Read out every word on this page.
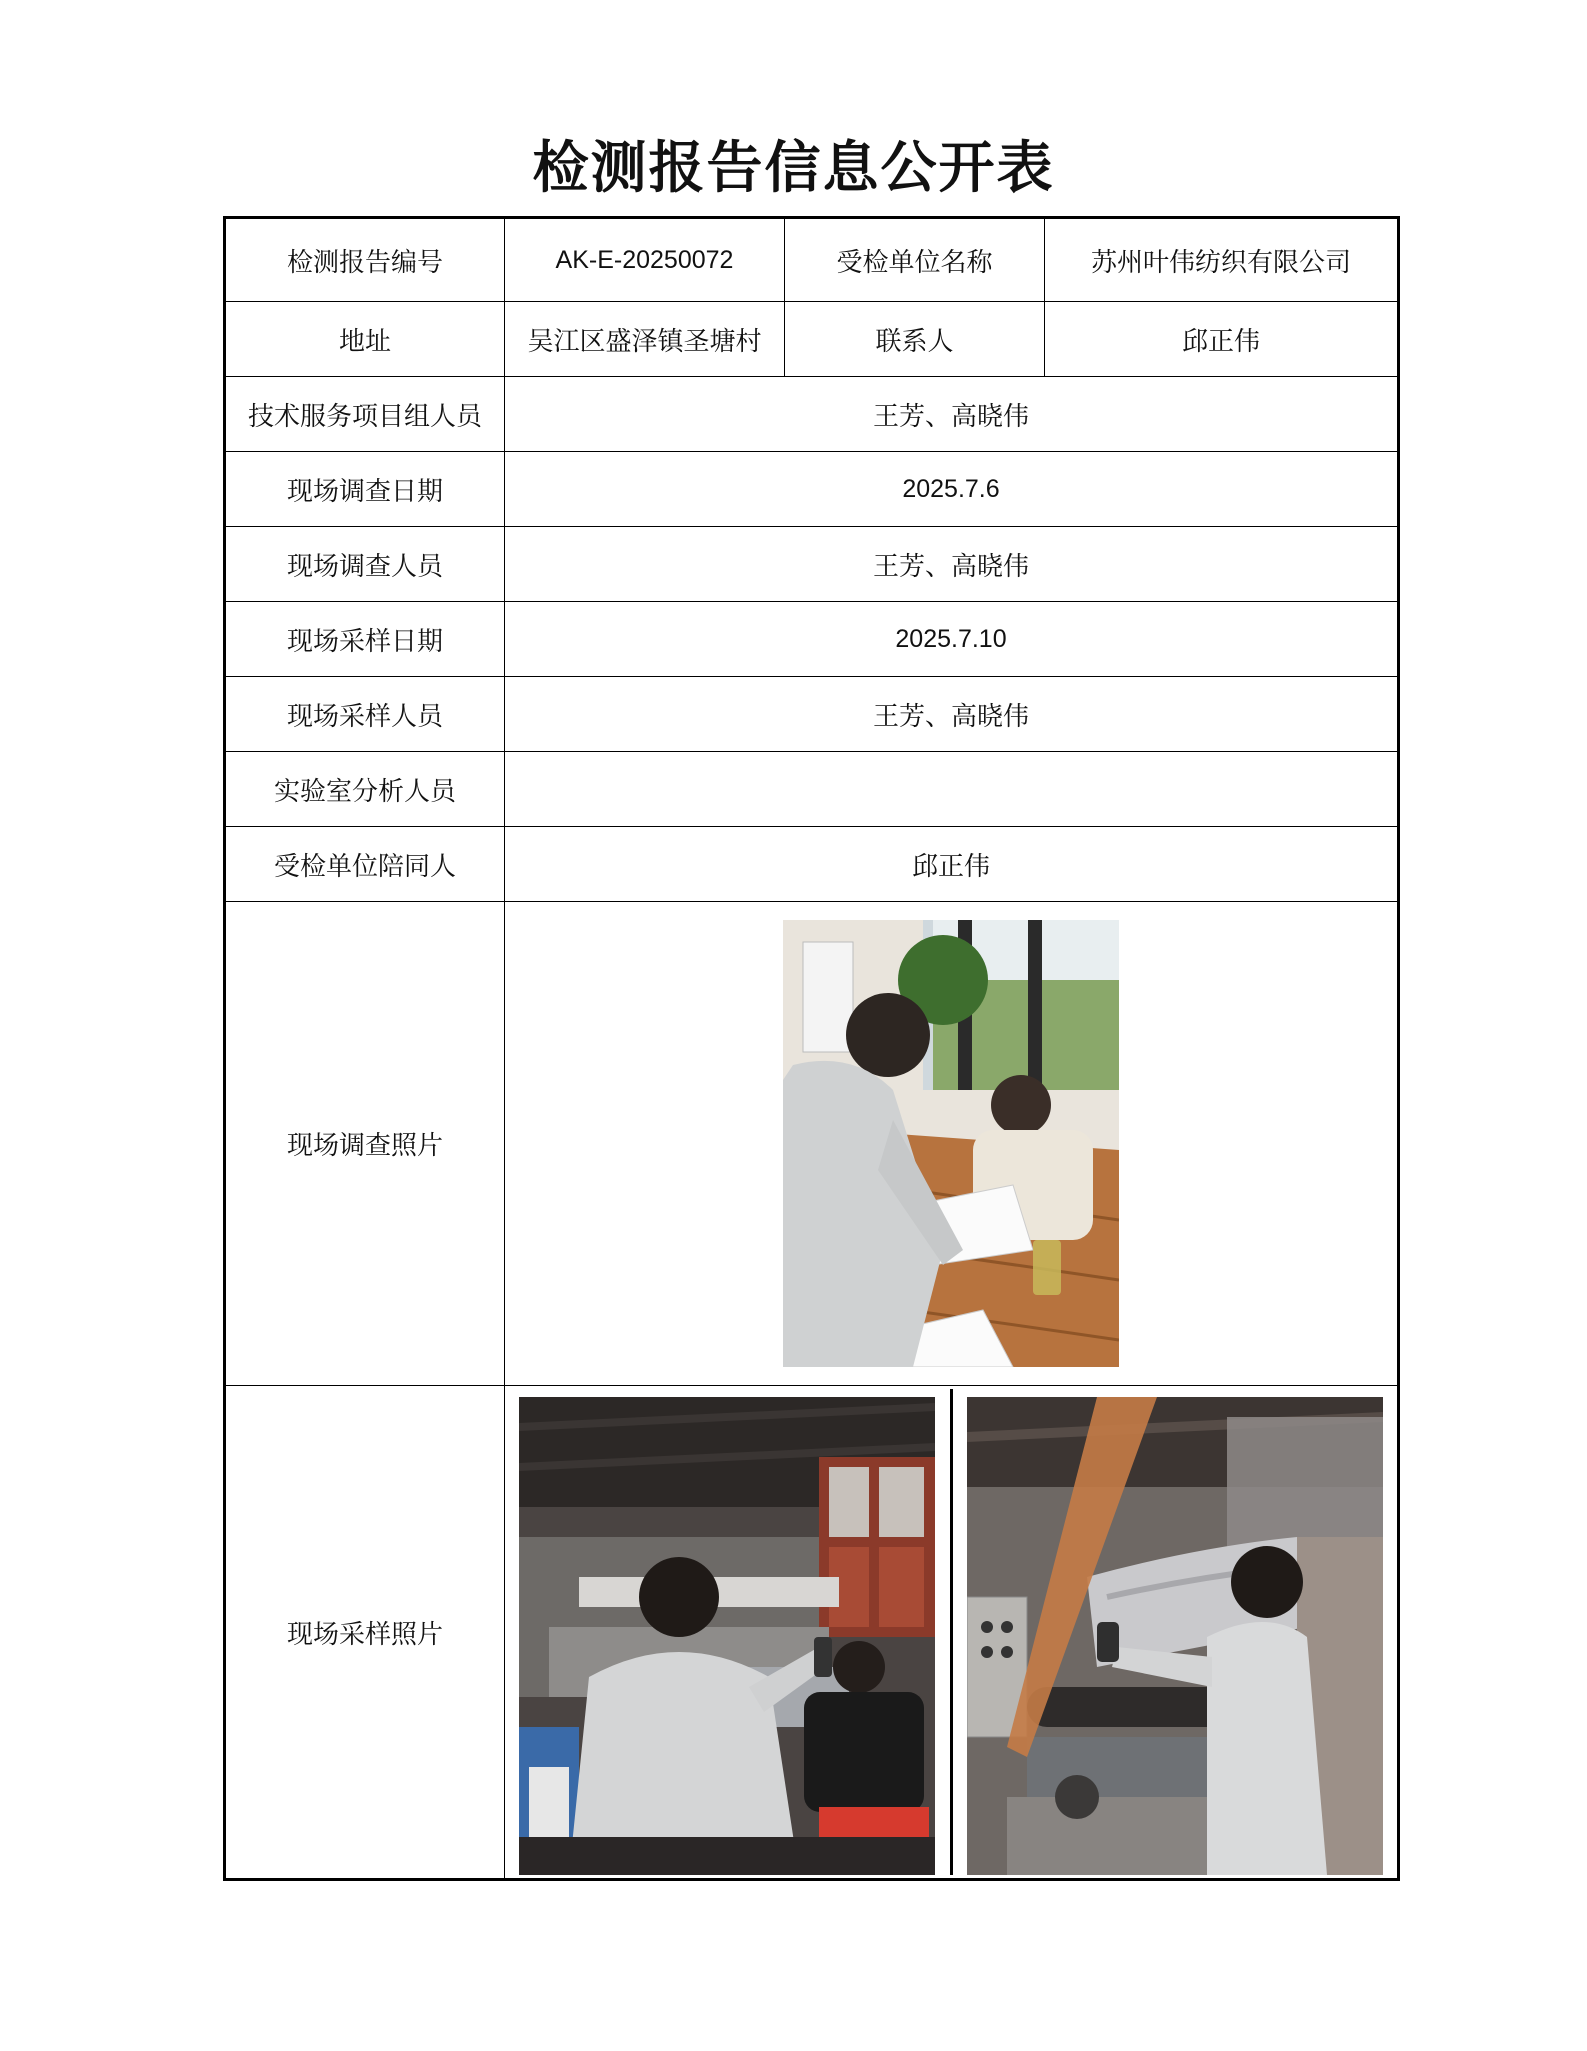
检测报告信息公开表
检测报告编号	AK-E-20250072	受检单位名称	苏州叶伟纺织有限公司
地址	吴江区盛泽镇圣塘村	联系人	邱正伟
技术服务项目组人员	王芳、高晓伟		
现场调查日期	2025.7.6		
现场调查人员	王芳、高晓伟		
现场采样日期	2025.7.10		
现场采样人员	王芳、高晓伟		
实验室分析人员			
受检单位陪同人	邱正伟		
现场调查照片	

现场采样照片	
